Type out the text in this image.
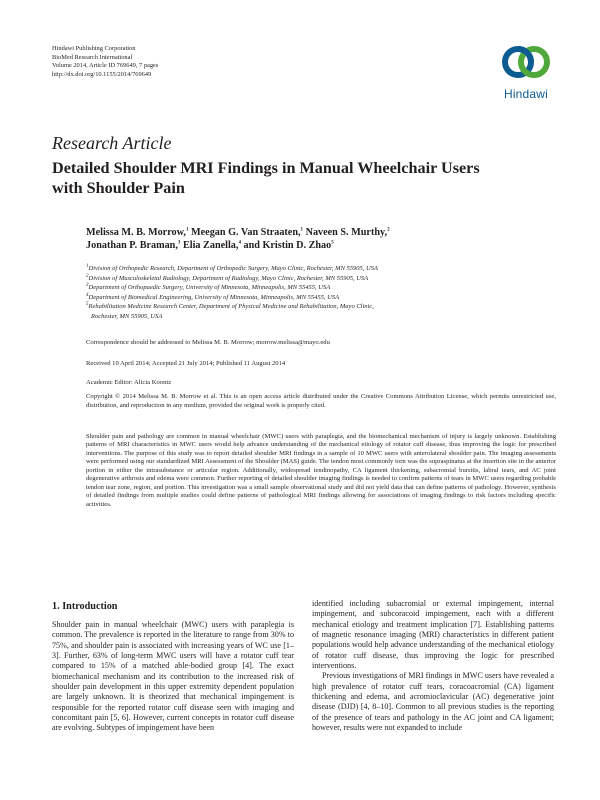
Hindawi Publishing Corporation
BioMed Research International
Volume 2014, Article ID 769649, 7 pages
http://dx.doi.org/10.1155/2014/769649
Hindawi
Research Article
Detailed Shoulder MRI Findings in Manual Wheelchair Users
with Shoulder Pain
Melissa M. B. Morrow,$^1$ Meegan G. Van Straaten,$^1$ Naveen S. Murthy,$^2$
Jonathan P. Braman,$^3$ Elia Zanella,$^4$ and Kristin D. Zhao$^5$
$^1$Division of Orthopedic Research, Department of Orthopedic Surgery, Mayo Clinic, Rochester, MN 55905, USA
$^2$Division of Musculoskeletal Radiology, Department of Radiology, Mayo Clinic, Rochester, MN 55905, USA
$^3$Department of Orthopaedic Surgery, University of Minnesota, Minneapolis, MN 55455, USA
$^4$Department of Biomedical Engineering, University of Minnesota, Minneapolis, MN 55455, USA
$^5$Rehabilitation Medicine Research Center, Department of Physical Medicine and Rehabilitation, Mayo Clinic,
Rochester, MN 55905, USA
Correspondence should be addressed to Melissa M. B. Morrow; morrow.melissa@mayo.edu
Received 10 April 2014; Accepted 21 July 2014; Published 11 August 2014
Academic Editor: Alicia Koontz
Copyright © 2014 Melissa M. B. Morrow et al. This is an open access article distributed under the Creative Commons Attribution License, which permits unrestricted use, distribution, and reproduction in any medium, provided the original work is properly cited.
Shoulder pain and pathology are common in manual wheelchair (MWC) users with paraplegia, and the biomechanical mechanism of injury is largely unknown. Establishing patterns of MRI characteristics in MWC users would help advance understanding of the mechanical etiology of rotator cuff disease, thus improving the logic for prescribed interventions. The purpose of this study was to report detailed shoulder MRI findings in a sample of 10 MWC users with anterolateral shoulder pain. The imaging assessments were performed using our standardized MRI Assessment of the Shoulder (MAS) guide. The tendon most commonly torn was the supraspinatus at the insertion site in the anterior portion in either the intrasubstance or articular region. Additionally, widespread tendinopathy, CA ligament thickening, subacromial bursitis, labral tears, and AC joint degenerative arthrosis and edema were common. Further reporting of detailed shoulder imaging findings is needed to confirm patterns of tears in MWC users regarding probable tendon tear zone, region, and portion. This investigation was a small sample observational study and did not yield data that can define patterns of pathology. However, synthesis of detailed findings from multiple studies could define patterns of pathological MRI findings allowing for associations of imaging findings to risk factors including specific activities.
1. Introduction

Shoulder pain in manual wheelchair (MWC) users with paraplegia is common. The prevalence is reported in the literature to range from 30% to 75%, and shoulder pain is associated with increasing years of WC use [1–3]. Further, 63% of long-term MWC users will have a rotator cuff tear compared to 15% of a matched able-bodied group [4]. The exact biomechanical mechanism and its contribution to the increased risk of shoulder pain development in this upper extremity dependent population are largely unknown. It is theorized that mechanical impingement is responsible for the reported rotator cuff disease seen with imaging and concomitant pain [5, 6]. However, current concepts in rotator cuff disease are evolving. Subtypes of impingement have been

identified including subacromial or external impingement, internal impingement, and subcoracoid impingement, each with a different mechanical etiology and treatment implication [7]. Establishing patterns of magnetic resonance imaging (MRI) characteristics in different patient populations would help advance understanding of the mechanical etiology of rotator cuff disease, thus improving the logic for prescribed interventions.

Previous investigations of MRI findings in MWC users have revealed a high prevalence of rotator cuff tears, coracoacromial (CA) ligament thickening and edema, and acromioclavicular (AC) degenerative joint disease (DJD) [4, 8–10]. Common to all previous studies is the reporting of the presence of tears and pathology in the AC joint and CA ligament; however, results were not expanded to include
